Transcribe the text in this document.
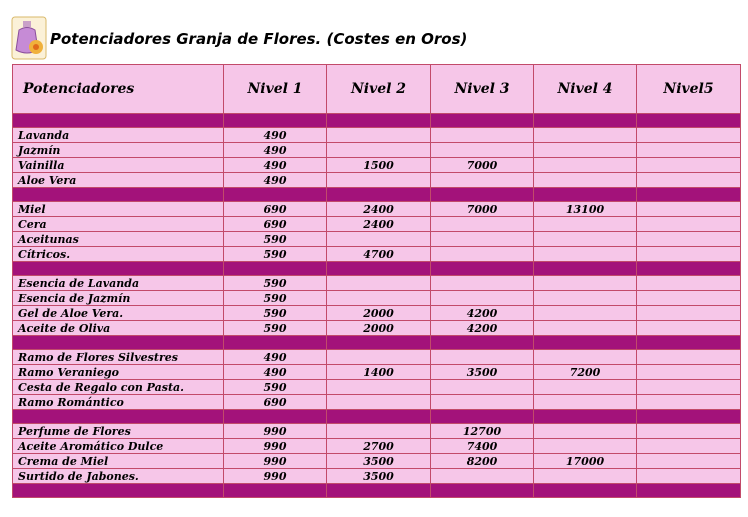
Potenciadores Granja de Flores. (Costes en Oros)
Potenciadores	Nivel 1	Nivel 2	Nivel 3	Nivel 4	Nivel5

Lavanda	490				
Jazmín	490				
Vainilla	490	1500	7000		
Aloe Vera	490				

Miel	690	2400	7000	13100	
Cera	690	2400			
Aceitunas	590				
Cítricos.	590	4700			

Esencia de Lavanda	590				
Esencia de Jazmín	590				
Gel de Aloe Vera.	590	2000	4200		
Aceite de Oliva	590	2000	4200		

Ramo de Flores Silvestres	490				
Ramo Veraniego	490	1400	3500	7200	
Cesta de Regalo con Pasta.	590				
Ramo Romántico	690				

Perfume de Flores	990		12700		
Aceite Aromático Dulce	990	2700	7400		
Crema de Miel	990	3500	8200	17000	
Surtido de Jabones.	990	3500			
